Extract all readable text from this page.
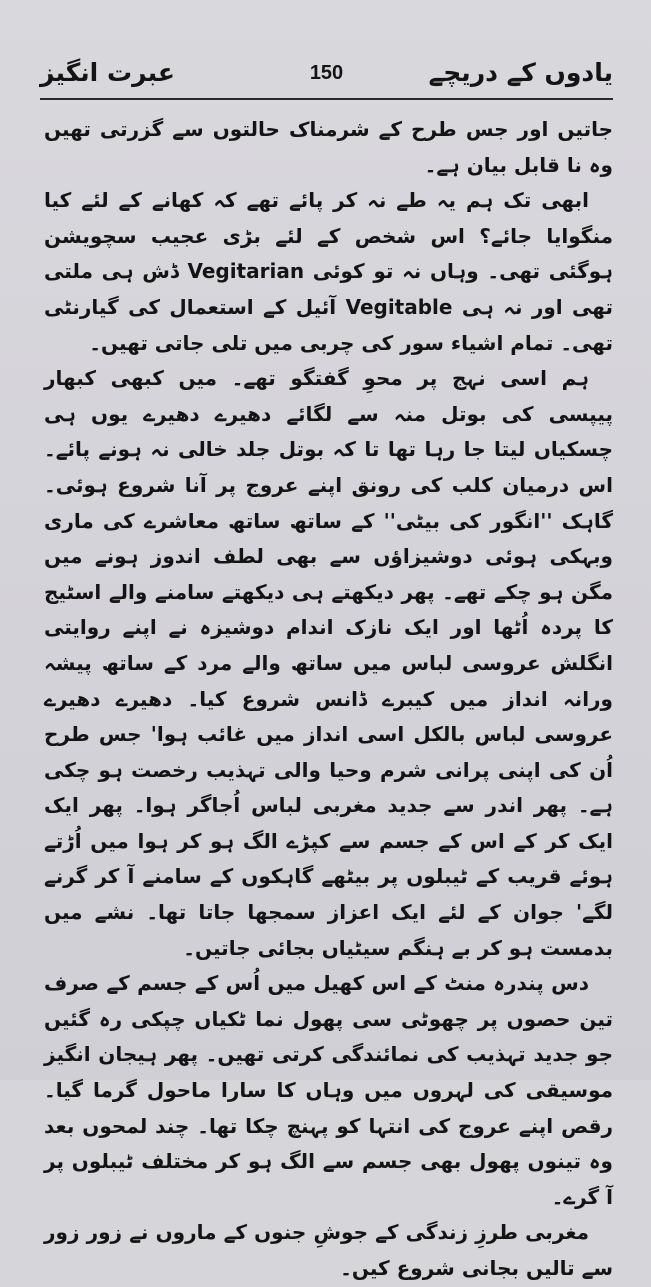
یادوں کے دریچے
150
عبرت انگیز

جاتیں اور جس طرح کے شرمناک حالتوں سے گزرتی تھیں وہ نا قابل بیان ہے۔

ابھی تک ہم یہ طے نہ کر پائے تھے کہ کھانے کے لئے کیا منگوایا جائے؟ اس شخص کے لئے بڑی عجیب سچویشن ہوگئی تھی۔ وہاں نہ تو کوئی Vegitarian ڈش ہی ملتی تھی اور نہ ہی Vegitable آئیل کے استعمال کی گیارنٹی تھی۔ تمام اشیاء سور کی چربی میں تلی جاتی تھیں۔

ہم اسی نہج پر محوِ گفتگو تھے۔ میں کبھی کبھار پیپسی کی بوتل منہ سے لگائے دھیرے دھیرے یوں ہی چسکیاں لیتا جا رہا تھا تا کہ بوتل جلد خالی نہ ہونے پائے۔ اس درمیان کلب کی رونق اپنے عروج پر آنا شروع ہوئی۔ گاہک ''انگور کی بیٹی'' کے ساتھ ساتھ معاشرے کی ماری وبہکی ہوئی دوشیزاؤں سے بھی لطف اندوز ہونے میں مگن ہو چکے تھے۔ پھر دیکھتے ہی دیکھتے سامنے والے اسٹیج کا پردہ اُٹھا اور ایک نازک اندام دوشیزہ نے اپنے روایتی انگلش عروسی لباس میں ساتھ والے مرد کے ساتھ پیشہ ورانہ انداز میں کیبرے ڈانس شروع کیا۔ دھیرے دھیرے عروسی لباس بالکل اسی انداز میں غائب ہوا' جس طرح اُن کی اپنی پرانی شرم وحیا والی تہذیب رخصت ہو چکی ہے۔ پھر اندر سے جدید مغربی لباس اُجاگر ہوا۔ پھر ایک ایک کر کے اس کے جسم سے کپڑے الگ ہو کر ہوا میں اُڑتے ہوئے قریب کے ٹیبلوں پر بیٹھے گاہکوں کے سامنے آ کر گرنے لگے' جوان کے لئے ایک اعزاز سمجھا جاتا تھا۔ نشے میں بدمست ہو کر بے ہنگم سیٹیاں بجائی جاتیں۔

دس پندرہ منٹ کے اس کھیل میں اُس کے جسم کے صرف تین حصوں پر چھوٹی سی پھول نما ٹکیاں چپکی رہ گئیں جو جدید تہذیب کی نمائندگی کرتی تھیں۔ پھر ہیجان انگیز موسیقی کی لہروں میں وہاں کا سارا ماحول گرما گیا۔ رقص اپنے عروج کی انتہا کو پہنچ چکا تھا۔ چند لمحوں بعد وہ تینوں پھول بھی جسم سے الگ ہو کر مختلف ٹیبلوں پر آ گرے۔

مغربی طرزِ زندگی کے جوشِ جنوں کے ماروں نے زور زور سے تالیں بجانی شروع کیں۔
